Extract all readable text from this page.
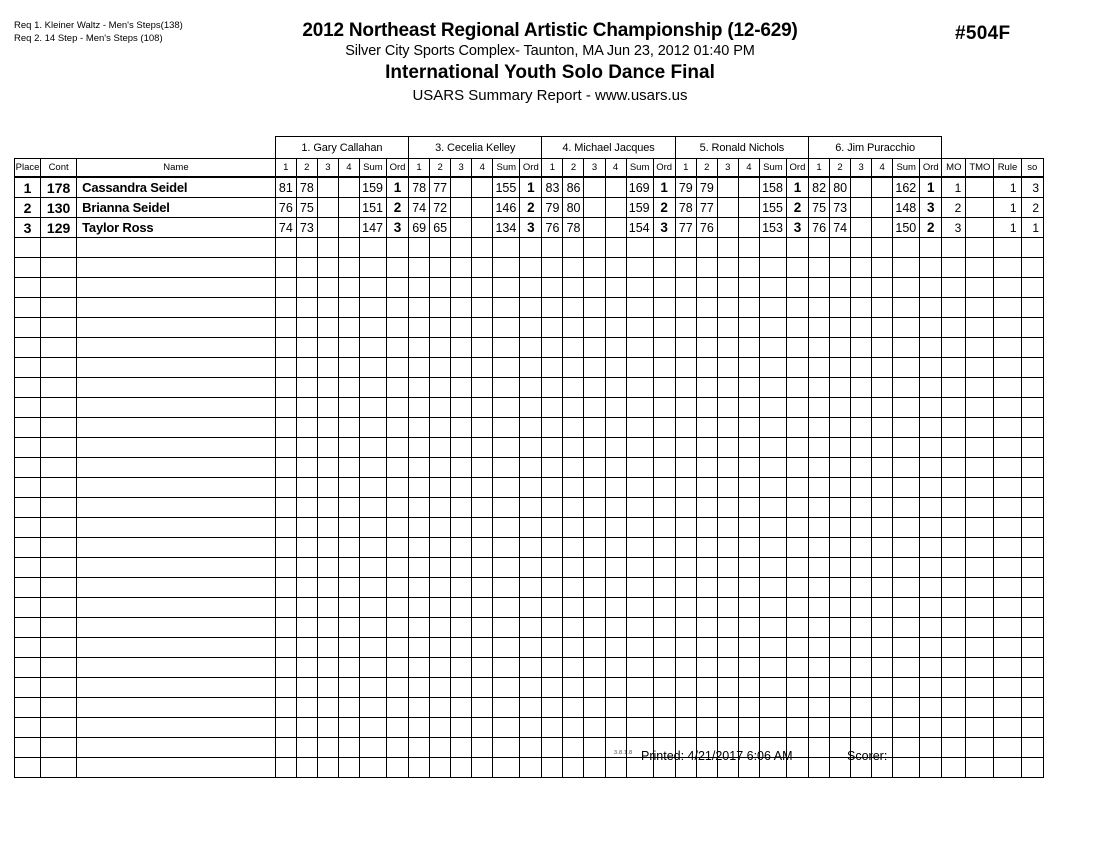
Req 1. Kleiner Waltz - Men's Steps(138)
Req 2. 14 Step - Men's Steps (108)	2012 Northeast Regional Artistic Championship (12-629)
Silver City Sports Complex- Taunton, MA Jun 23, 2012 01:40 PM
International Youth Solo Dance Final
USARS Summary Report - www.usars.us
#504F
			1. Gary Callahan						3. Cecelia Kelley						4. Michael Jacques						5. Ronald Nichols						6. Jim Puracchio									
Place	Cont	Name	1	2	3	4	Sum	Ord	1	2	3	4	Sum	Ord	1	2	3	4	Sum	Ord	1	2	3	4	Sum	Ord	1	2	3	4	Sum	Ord	MO	TMO	Rule	so
1	178	Cassandra Seidel	81	78			159	1	78	77			155	1	83	86			169	1	79	79			158	1	82	80			162	1	1		1	3
2	130	Brianna Seidel	76	75			151	2	74	72			146	2	79	80			159	2	78	77			155	2	75	73			148	3	2		1	2
3	129	Taylor Ross	74	73			147	3	69	65			134	3	76	78			154	3	77	76			153	3	76	74			150	2	3		1	1

3.8.1.8 Printed: 4/21/2017 6:06 AM	Scorer:
